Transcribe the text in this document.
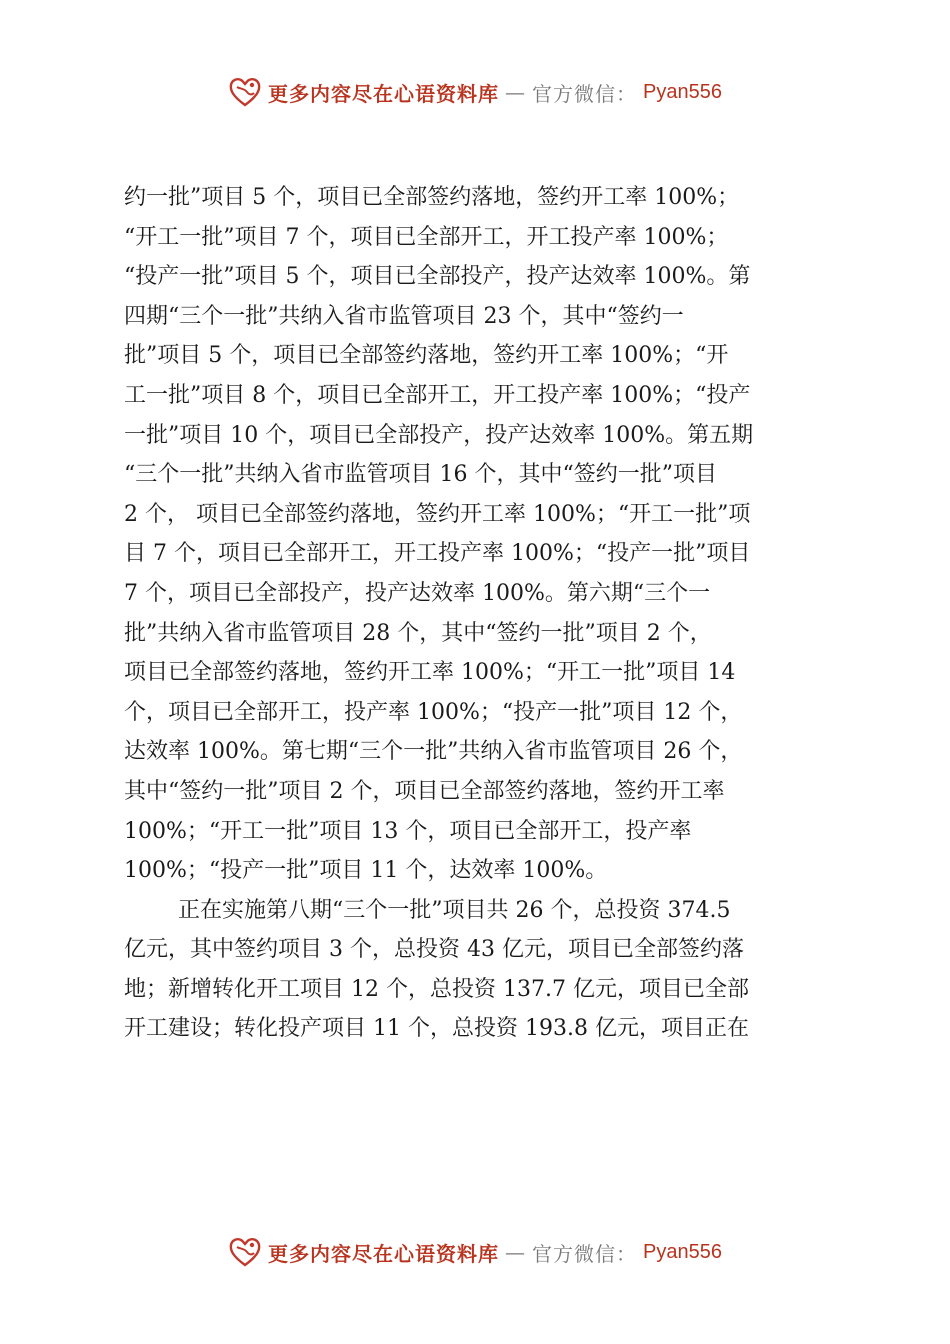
更多内容尽在心语资料库 — 官方微信： Pyan556
约一批”项目 5 个，项目已全部签约落地，签约开工率 100%；
“开工一批”项目 7 个，项目已全部开工，开工投产率 100%；
“投产一批”项目 5 个，项目已全部投产，投产达效率 100%。第
四期“三个一批”共纳入省市监管项目 23 个，其中“签约一
批”项目 5 个，项目已全部签约落地，签约开工率 100%；“开
工一批”项目 8 个，项目已全部开工，开工投产率 100%；“投产
一批”项目 10 个，项目已全部投产，投产达效率 100%。第五期
“三个一批”共纳入省市监管项目 16 个，其中“签约一批”项目
2 个， 项目已全部签约落地，签约开工率 100%；“开工一批”项
目 7 个，项目已全部开工，开工投产率 100%；“投产一批”项目
7 个，项目已全部投产，投产达效率 100%。第六期“三个一
批”共纳入省市监管项目 28 个，其中“签约一批”项目 2 个，
项目已全部签约落地，签约开工率 100%；“开工一批”项目 14
个，项目已全部开工，投产率 100%；“投产一批”项目 12 个，
达效率 100%。第七期“三个一批”共纳入省市监管项目 26 个，
其中“签约一批”项目 2 个，项目已全部签约落地，签约开工率
100%；“开工一批”项目 13 个，项目已全部开工，投产率
100%；“投产一批”项目 11 个，达效率 100%。
正在实施第八期“三个一批”项目共 26 个，总投资 374.5
亿元，其中签约项目 3 个，总投资 43 亿元，项目已全部签约落
地；新增转化开工项目 12 个，总投资 137.7 亿元，项目已全部
开工建设；转化投产项目 11 个，总投资 193.8 亿元，项目正在
更多内容尽在心语资料库 — 官方微信： Pyan556
